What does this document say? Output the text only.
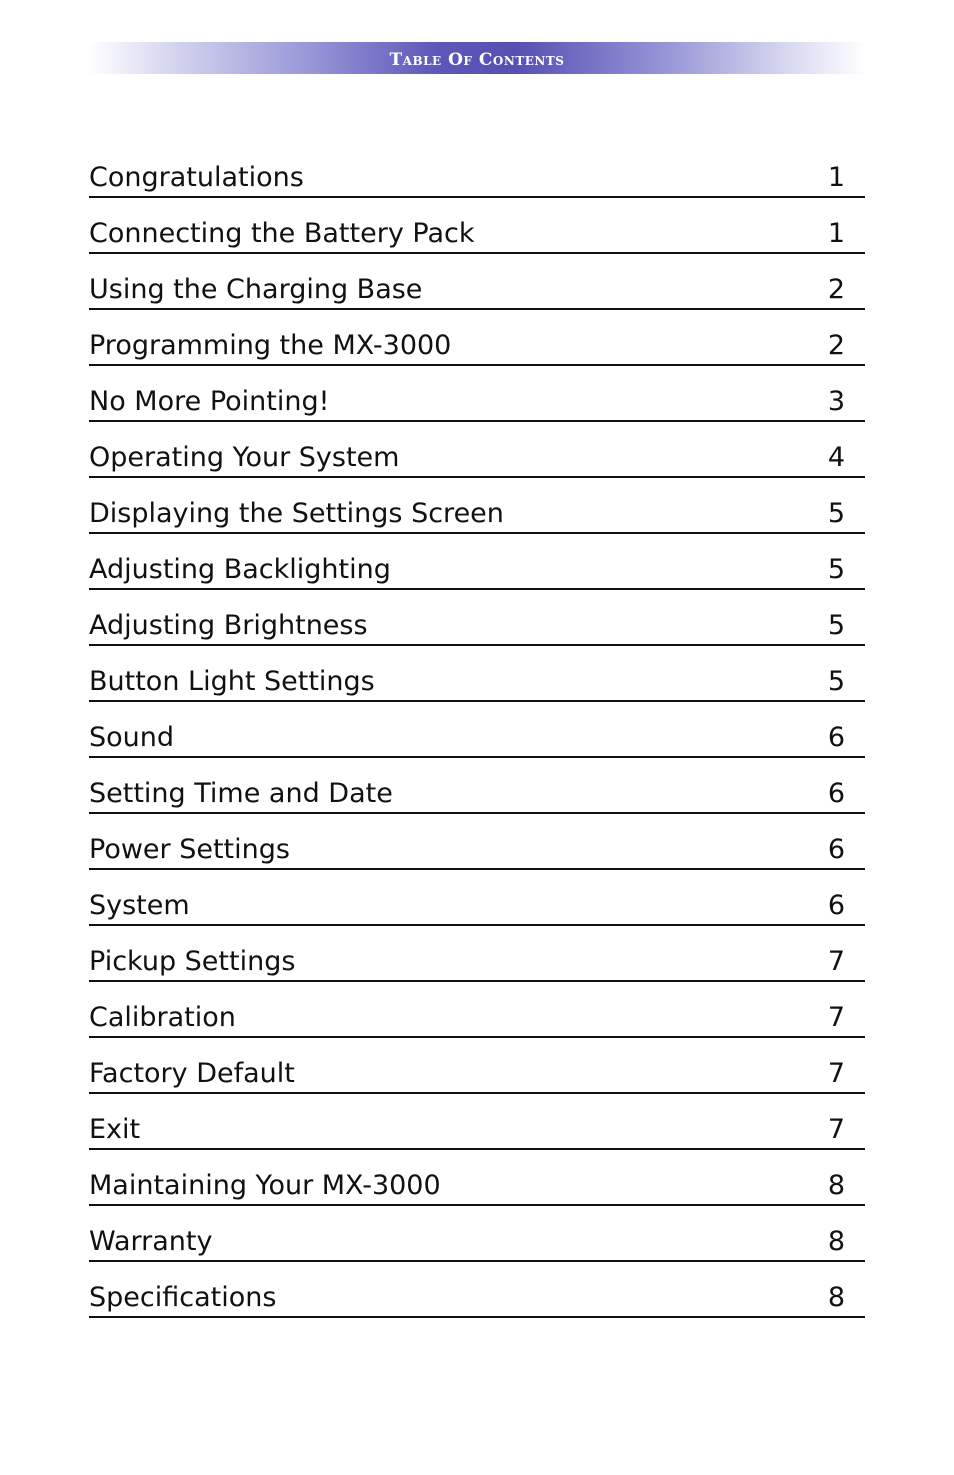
Table Of Contents
Congratulations	1
Connecting the Battery Pack	1
Using the Charging Base	2
Programming the MX-3000	2
No More Pointing!	3
Operating Your System	4
Displaying the Settings Screen	5
Adjusting Backlighting	5
Adjusting Brightness	5
Button Light Settings	5
Sound	6
Setting Time and Date	6
Power Settings	6
System	6
Pickup Settings	7
Calibration	7
Factory Default	7
Exit	7
Maintaining Your MX-3000	8
Warranty	8
Specifications	8
